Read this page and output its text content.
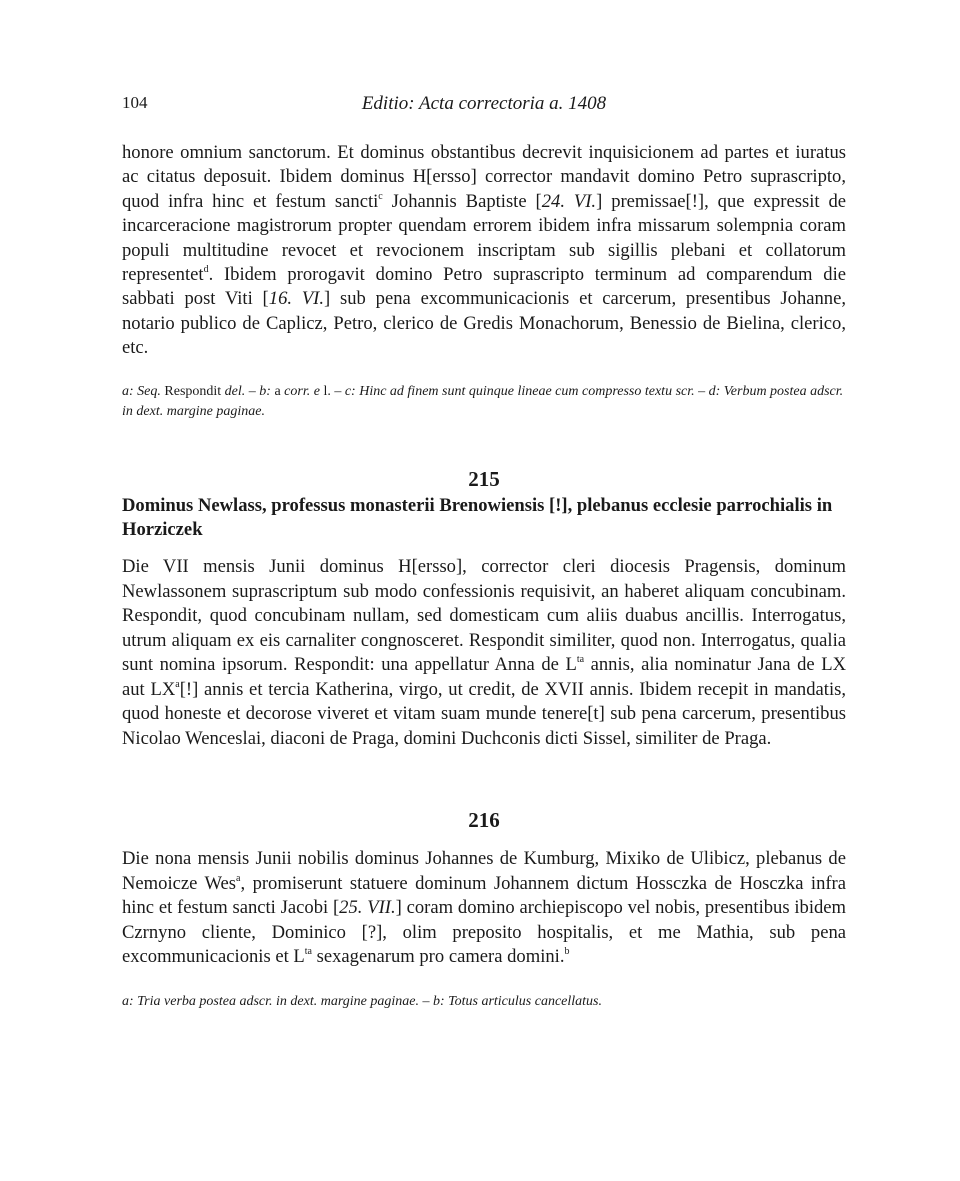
Editio: Acta correctoria a. 1408
104

honore omnium sanctorum. Et dominus obstantibus decrevit inquisicionem ad partes et iuratus ac citatus deposuit. Ibidem dominus H[ersso] corrector mandavit domino Petro suprascripto, quod infra hinc et festum sancti$^c$ Johannis Baptiste [24. VI.] premissae[!], que expressit de incarceracione magistrorum propter quendam errorem ibidem infra missarum solempnia coram populi multitudine revocet et revocionem inscriptam sub sigillis plebani et collatorum representet$^d$. Ibidem prorogavit domino Petro suprascripto terminum ad comparendum die sabbati post Viti [16. VI.] sub pena excommunicacionis et carcerum, presentibus Johanne, notario publico de Caplicz, Petro, clerico de Gredis Monachorum, Benessio de Bielina, clerico, etc.

a: Seq. Respondit del. – b: a corr. e l. – c: Hinc ad finem sunt quinque lineae cum compresso textu scr. – d: Verbum postea adscr. in dext. margine paginae.

215
Dominus Newlass, professus monasterii Brenowiensis [!], plebanus ecclesie parrochialis in Horziczek

Die VII mensis Junii dominus H[ersso], corrector cleri diocesis Pragensis, dominum Newlassonem suprascriptum sub modo confessionis requisivit, an haberet aliquam concubinam. Respondit, quod concubinam nullam, sed domesticam cum aliis duabus ancillis. Interrogatus, utrum aliquam ex eis carnaliter congnosceret. Respondit similiter, quod non. Interrogatus, qualia sunt nomina ipsorum. Respondit: una appellatur Anna de $L^{ta}$ annis, alia nominatur Jana de LX aut $LX^a[!]$ annis et tercia Katherina, virgo, ut credit, de XVII annis. Ibidem recepit in mandatis, quod honeste et decorose viveret et vitam suam munde tenere[t] sub pena carcerum, presentibus Nicolao Wenceslai, diaconi de Praga, domini Duchconis dicti Sissel, similiter de Praga.

216

Die nona mensis Junii nobilis dominus Johannes de Kumburg, Mixiko de Ulibicz, plebanus de Nemoicze Wes$^a$, promiserunt statuere dominum Johannem dictum Hossczka de Hosczka infra hinc et festum sancti Jacobi [25. VII.] coram domino archiepiscopo vel nobis, presentibus ibidem Czrnyno cliente, Dominico [?], olim preposito hospitalis, et me Mathia, sub pena excommunicacionis et $L^{ta}$ sexagenarum pro camera domini.$^b$

a: Tria verba postea adscr. in dext. margine paginae. – b: Totus articulus cancellatus.
